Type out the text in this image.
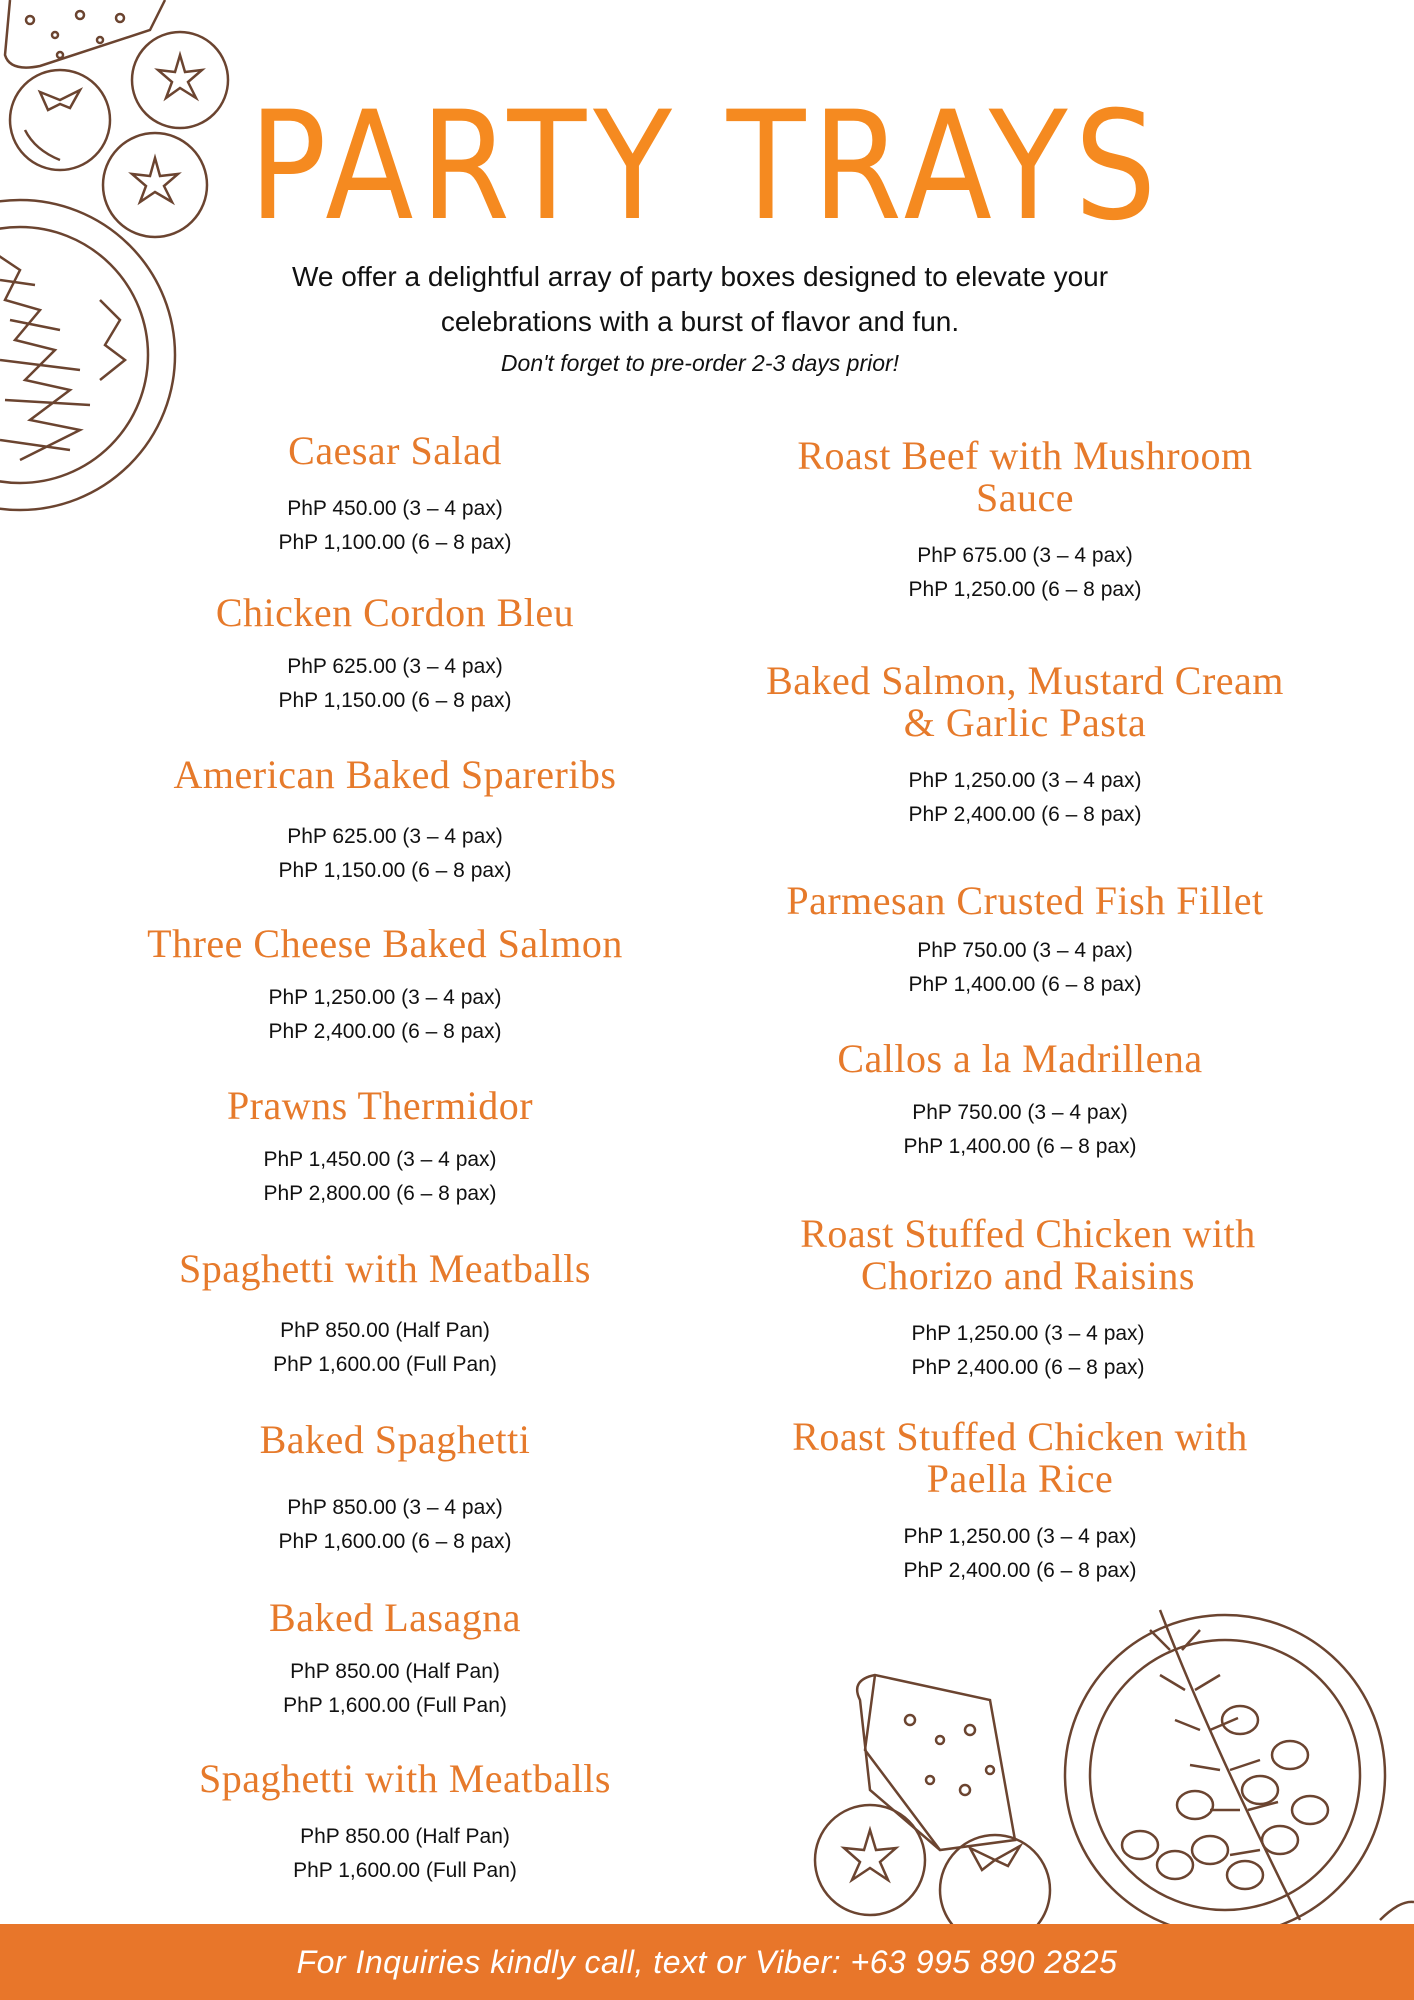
PARTY TRAYS

We offer a delightful array of party boxes designed to elevate your
celebrations with a burst of flavor and fun.

Don't forget to pre-order 2-3 days prior!

Caesar Salad
PhP 450.00 (3 – 4 pax)
PhP 1,100.00 (6 – 8 pax)
Chicken Cordon Bleu
PhP 625.00 (3 – 4 pax)
PhP 1,150.00 (6 – 8 pax)
American Baked Spareribs
PhP 625.00 (3 – 4 pax)
PhP 1,150.00 (6 – 8 pax)
Three Cheese Baked Salmon
PhP 1,250.00 (3 – 4 pax)
PhP 2,400.00 (6 – 8 pax)
Prawns Thermidor
PhP 1,450.00 (3 – 4 pax)
PhP 2,800.00 (6 – 8 pax)
Spaghetti with Meatballs
PhP 850.00 (Half Pan)
PhP 1,600.00 (Full Pan)
Baked Spaghetti
PhP 850.00 (3 – 4 pax)
PhP 1,600.00 (6 – 8 pax)
Baked Lasagna
PhP 850.00 (Half Pan)
PhP 1,600.00 (Full Pan)
Spaghetti with Meatballs
PhP 850.00 (Half Pan)
PhP 1,600.00 (Full Pan)
Roast Beef with Mushroom
Sauce
PhP 675.00 (3 – 4 pax)
PhP 1,250.00 (6 – 8 pax)
Baked Salmon, Mustard Cream
& Garlic Pasta
PhP 1,250.00 (3 – 4 pax)
PhP 2,400.00 (6 – 8 pax)
Parmesan Crusted Fish Fillet
PhP 750.00 (3 – 4 pax)
PhP 1,400.00 (6 – 8 pax)
Callos a la Madrillena
PhP 750.00 (3 – 4 pax)
PhP 1,400.00 (6 – 8 pax)
Roast Stuffed Chicken with
Chorizo and Raisins
PhP 1,250.00 (3 – 4 pax)
PhP 2,400.00 (6 – 8 pax)
Roast Stuffed Chicken with
Paella Rice
PhP 1,250.00 (3 – 4 pax)
PhP 2,400.00 (6 – 8 pax)
For Inquiries kindly call, text or Viber: +63 995 890 2825
